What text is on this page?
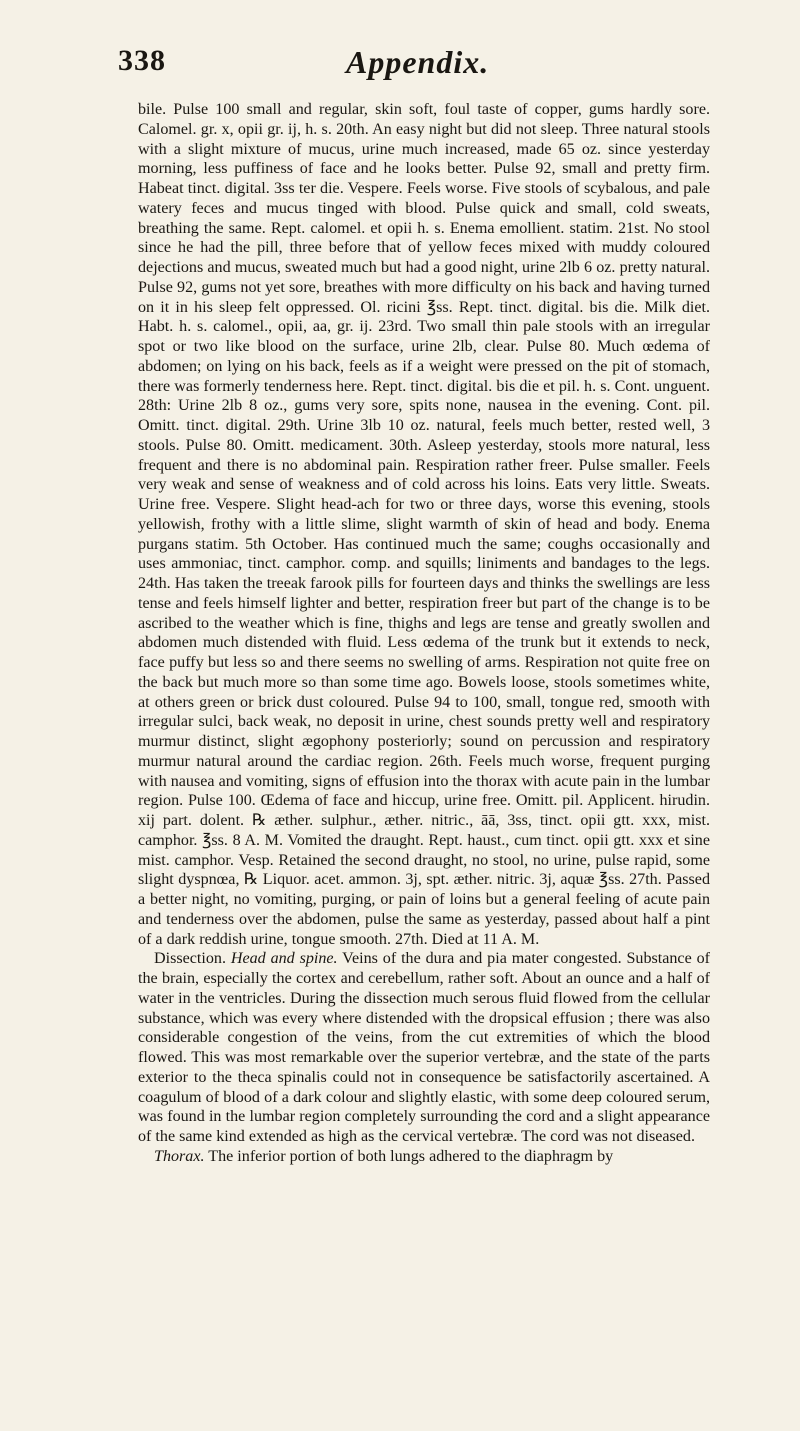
338	Appendix.

bile. Pulse 100 small and regular, skin soft, foul taste of copper, gums hardly sore. Calomel. gr. x, opii gr. ij, h. s. 20th. An easy night but did not sleep. Three natural stools with a slight mixture of mucus, urine much increased, made 65 oz. since yesterday morning, less puffiness of face and he looks better. Pulse 92, small and pretty firm. Habeat tinct. digital. 3ss ter die. Vespere. Feels worse. Five stools of scybalous, and pale watery feces and mucus tinged with blood. Pulse quick and small, cold sweats, breathing the same. Rept. calomel. et opii h. s. Enema emollient. statim. 21st. No stool since he had the pill, three before that of yellow feces mixed with muddy coloured dejections and mucus, sweated much but had a good night, urine 2lb 6 oz. pretty natural. Pulse 92, gums not yet sore, breathes with more difficulty on his back and having turned on it in his sleep felt oppressed. Ol. ricini ℥ss. Rept. tinct. digital. bis die. Milk diet. Habt. h. s. calomel., opii, aa, gr. ij. 23rd. Two small thin pale stools with an irregular spot or two like blood on the surface, urine 2lb, clear. Pulse 80. Much œdema of abdomen; on lying on his back, feels as if a weight were pressed on the pit of stomach, there was formerly tenderness here. Rept. tinct. digital. bis die et pil. h. s. Cont. unguent. 28th: Urine 2lb 8 oz., gums very sore, spits none, nausea in the evening. Cont. pil. Omitt. tinct. digital. 29th. Urine 3lb 10 oz. natural, feels much better, rested well, 3 stools. Pulse 80. Omitt. medicament. 30th. Asleep yesterday, stools more natural, less frequent and there is no abdominal pain. Respiration rather freer. Pulse smaller. Feels very weak and sense of weakness and of cold across his loins. Eats very little. Sweats. Urine free. Vespere. Slight head-ach for two or three days, worse this evening, stools yellowish, frothy with a little slime, slight warmth of skin of head and body. Enema purgans statim. 5th October. Has continued much the same; coughs occasionally and uses ammoniac, tinct. camphor. comp. and squills; liniments and bandages to the legs. 24th. Has taken the treeak farook pills for fourteen days and thinks the swellings are less tense and feels himself lighter and better, respiration freer but part of the change is to be ascribed to the weather which is fine, thighs and legs are tense and greatly swollen and abdomen much distended with fluid. Less œdema of the trunk but it extends to neck, face puffy but less so and there seems no swelling of arms. Respiration not quite free on the back but much more so than some time ago. Bowels loose, stools sometimes white, at others green or brick dust coloured. Pulse 94 to 100, small, tongue red, smooth with irregular sulci, back weak, no deposit in urine, chest sounds pretty well and respiratory murmur distinct, slight ægophony posteriorly; sound on percussion and respiratory murmur natural around the cardiac region. 26th. Feels much worse, frequent purging with nausea and vomiting, signs of effusion into the thorax with acute pain in the lumbar region. Pulse 100. Œdema of face and hiccup, urine free. Omitt. pil. Applicent. hirudin. xij part. dolent. ℞ æther. sulphur., æther. nitric., āā, 3ss, tinct. opii gtt. xxx, mist. camphor. ℥ss. 8 A. M. Vomited the draught. Rept. haust., cum tinct. opii gtt. xxx et sine mist. camphor. Vesp. Retained the second draught, no stool, no urine, pulse rapid, some slight dyspnœa, ℞ Liquor. acet. ammon. 3j, spt. æther. nitric. 3j, aquæ ℥ss. 27th. Passed a better night, no vomiting, purging, or pain of loins but a general feeling of acute pain and tenderness over the abdomen, pulse the same as yesterday, passed about half a pint of a dark reddish urine, tongue smooth. 27th. Died at 11 A. M.

Dissection. Head and spine. Veins of the dura and pia mater congested. Substance of the brain, especially the cortex and cerebellum, rather soft. About an ounce and a half of water in the ventricles. During the dissection much serous fluid flowed from the cellular substance, which was every where distended with the dropsical effusion ; there was also considerable congestion of the veins, from the cut extremities of which the blood flowed. This was most remarkable over the superior vertebræ, and the state of the parts exterior to the theca spinalis could not in consequence be satisfactorily ascertained. A coagulum of blood of a dark colour and slightly elastic, with some deep coloured serum, was found in the lumbar region completely surrounding the cord and a slight appearance of the same kind extended as high as the cervical vertebræ. The cord was not diseased.

Thorax. The inferior portion of both lungs adhered to the diaphragm by
